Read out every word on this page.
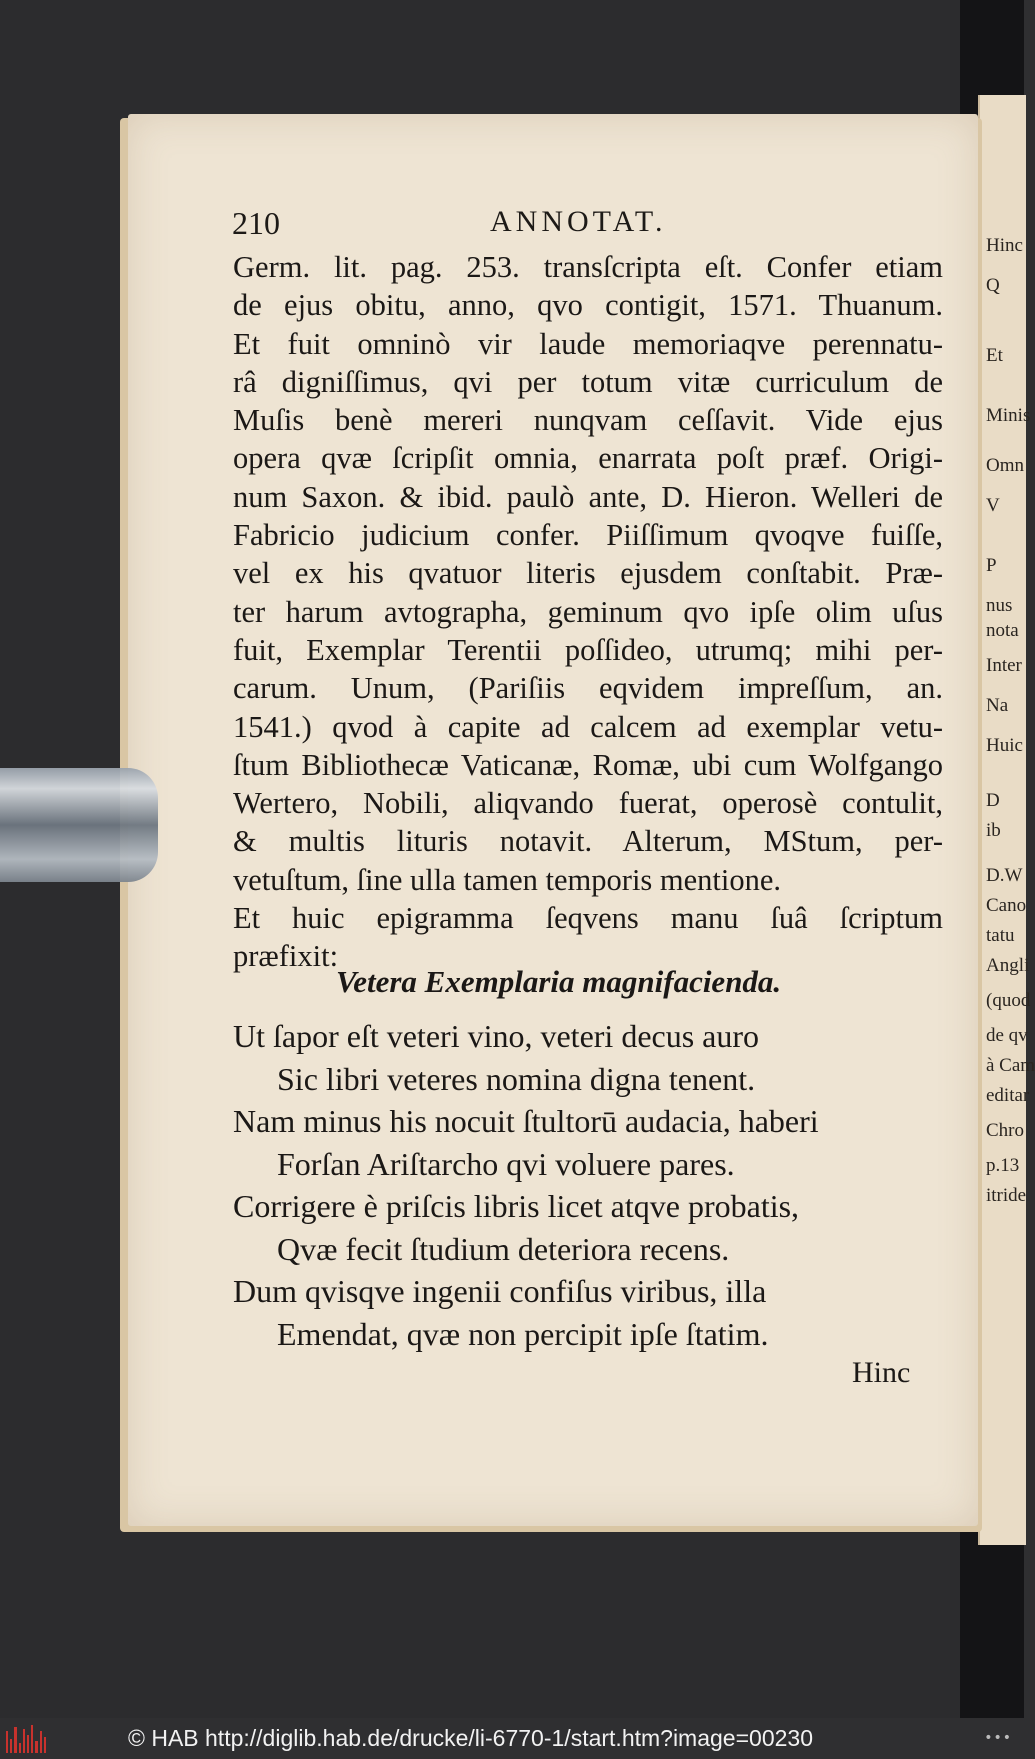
Hinc
Q
Et
Minis
Omn
V
P
nus
nota
Inter
Na
Huic
D
ib
D.W
Cano
tatu
Angli
(quod
de qv
à Cam
editar
Chro
p.13
itride
210	ANNOTAT.
Germ. lit. pag. 253. transſcripta eſt. Confer etiam
de ejus obitu, anno, qvo contigit, 1571. Thuanum.
Et fuit omninò vir laude memoriaqve perennatu-
râ digniſſimus, qvi per totum vitæ curriculum de
Muſis benè mereri nunqvam ceſſavit. Vide ejus
opera qvæ ſcripſit omnia, enarrata poſt præf. Origi-
num Saxon. & ibid. paulò ante, D. Hieron. Welleri de
Fabricio judicium confer. Piiſſimum qvoqve fuiſſe,
vel ex his qvatuor literis ejusdem conſtabit. Præ-
ter harum avtographa, geminum qvo ipſe olim uſus
fuit, Exemplar Terentii poſſideo, utrumq; mihi per-
carum. Unum, (Pariſiis eqvidem impreſſum, an.
1541.) qvod à capite ad calcem ad exemplar vetu-
ſtum Bibliothecæ Vaticanæ, Romæ, ubi cum Wolfgango
Wertero, Nobili, aliqvando fuerat, operosè contulit,
& multis lituris notavit. Alterum, MStum, per-
vetuſtum, ſine ulla tamen temporis mentione.
Et huic epigramma ſeqvens manu ſuâ ſcriptum
præfixit:
Vetera Exemplaria magnifacienda.
Ut ſapor eſt veteri vino, veteri decus auro
Sic libri veteres nomina digna tenent.
Nam minus his nocuit ſtultorū audacia, haberi
Forſan Ariſtarcho qvi voluere pares.
Corrigere è priſcis libris licet atqve probatis,
Qvæ fecit ſtudium deteriora recens.
Dum qvisqve ingenii confiſus viribus, illa
Emendat, qvæ non percipit ipſe ſtatim.
Hinc
© HAB http://diglib.hab.de/drucke/li-6770-1/start.htm?image=00230	•••
